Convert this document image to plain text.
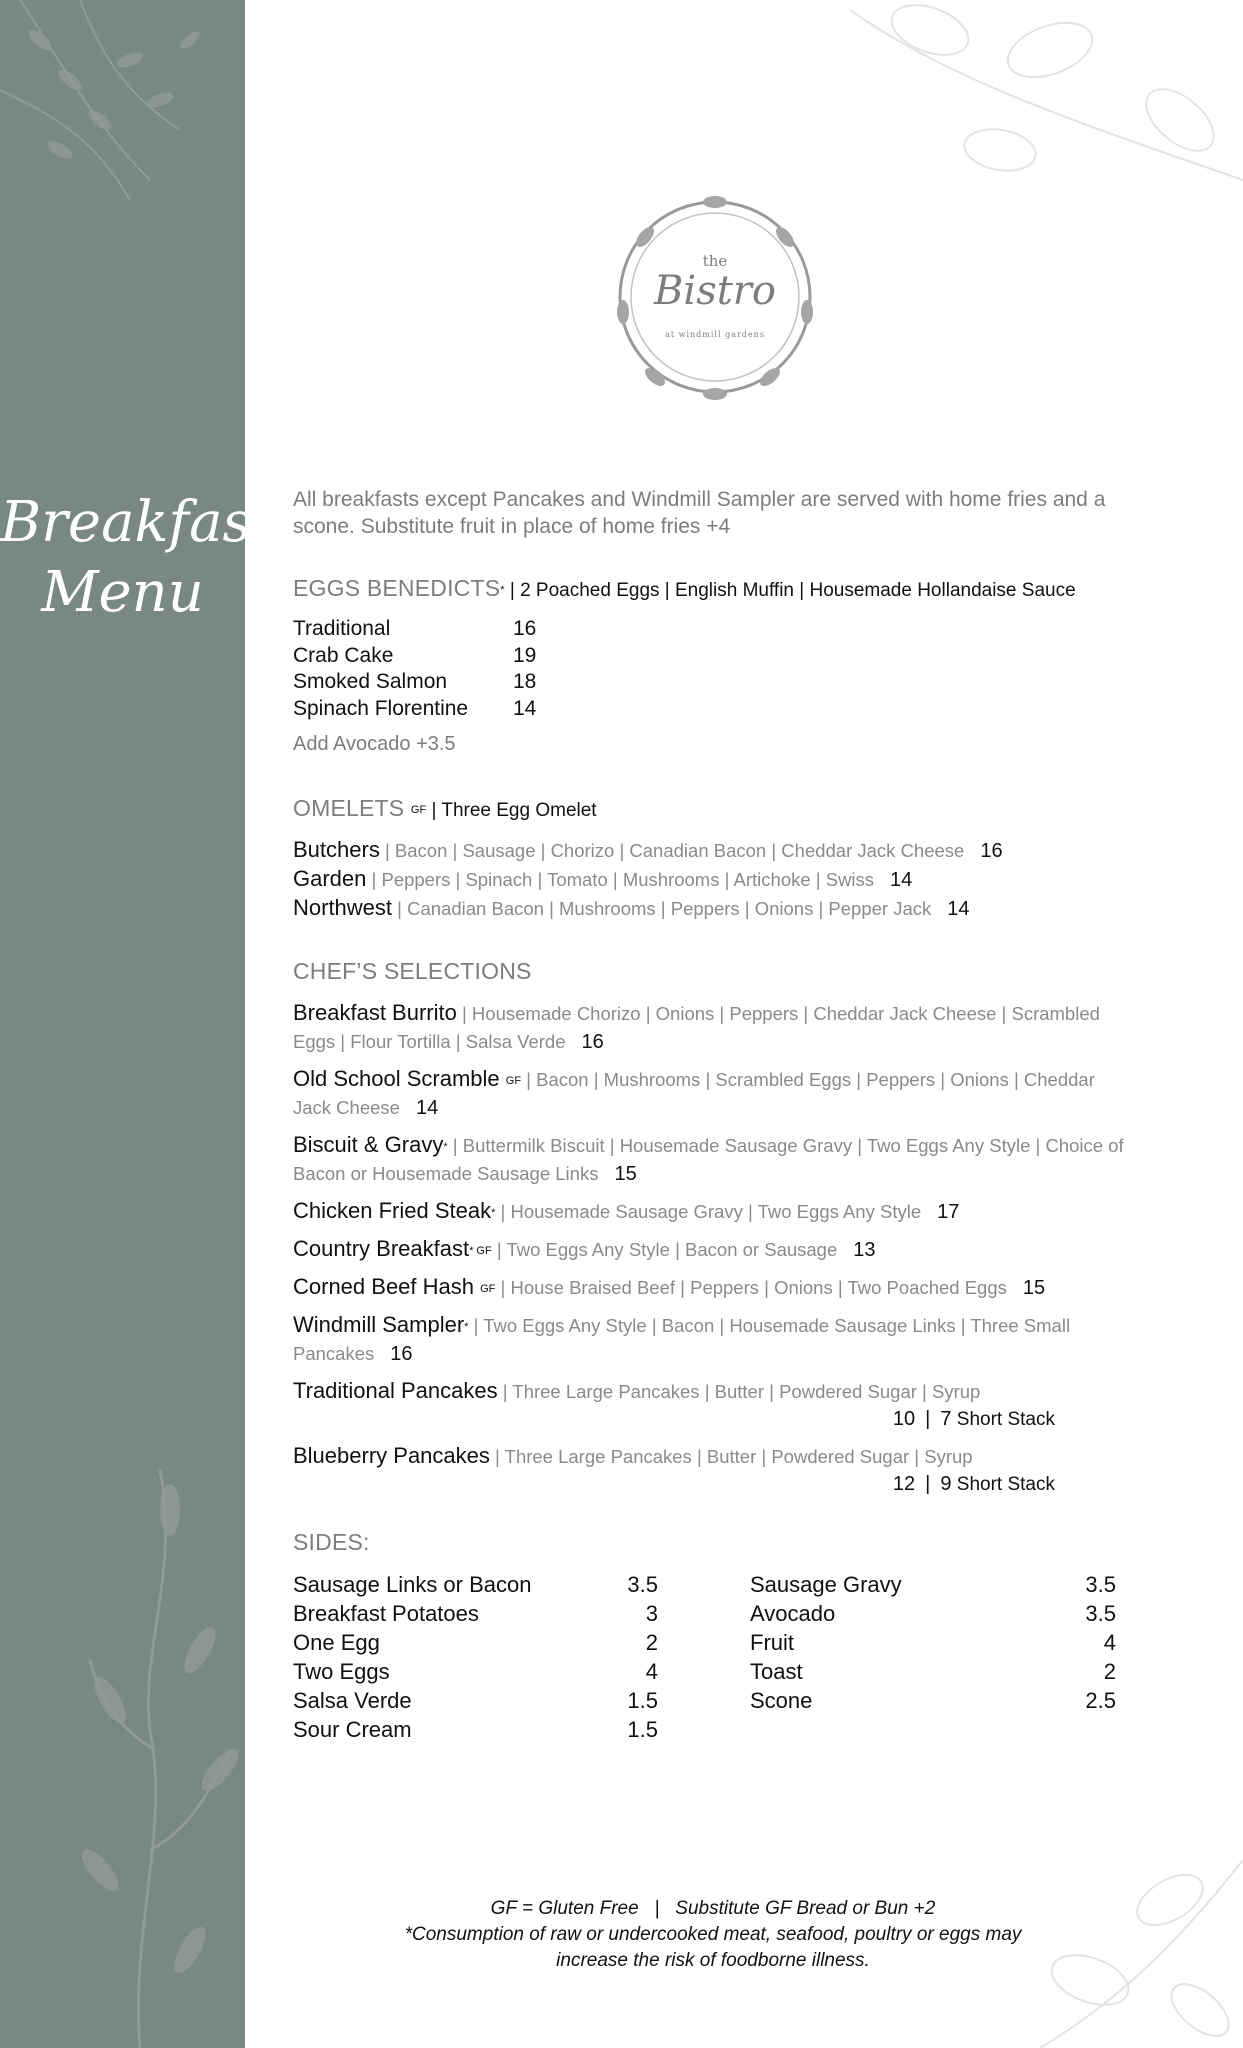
Breakfast
Menu
the
Bistro
at windmill gardens

All breakfasts except Pancakes and Windmill Sampler are served with home fries and a scone. Substitute fruit in place of home fries +4

EGGS BENEDICTS* | 2 Poached Eggs | English Muffin | Housemade Hollandaise Sauce
Traditional	16
Crab Cake	19
Smoked Salmon	18
Spinach Florentine	14
Add Avocado +3.5
OMELETS $^{GF}$ | Three Egg Omelet

Butchers | Bacon | Sausage | Chorizo | Canadian Bacon | Cheddar Jack Cheese 16

Garden | Peppers | Spinach | Tomato | Mushrooms | Artichoke | Swiss 14

Northwest | Canadian Bacon | Mushrooms | Peppers | Onions | Pepper Jack 14

CHEF’S SELECTIONS

Breakfast Burrito | Housemade Chorizo | Onions | Peppers | Cheddar Jack Cheese | Scrambled Eggs | Flour Tortilla | Salsa Verde 16

Old School Scramble $^{GF}$ | Bacon | Mushrooms | Scrambled Eggs | Peppers | Onions | Cheddar Jack Cheese 14

Biscuit & Gravy* | Buttermilk Biscuit | Housemade Sausage Gravy | Two Eggs Any Style | Choice of Bacon or Housemade Sausage Links 15

Chicken Fried Steak* | Housemade Sausage Gravy | Two Eggs Any Style 17

Country Breakfast$^{* GF}$ | Two Eggs Any Style | Bacon or Sausage 13

Corned Beef Hash $^{GF}$ | House Braised Beef | Peppers | Onions | Two Poached Eggs 15

Windmill Sampler* | Two Eggs Any Style | Bacon | Housemade Sausage Links | Three Small Pancakes 16

Traditional Pancakes | Three Large Pancakes | Butter | Powdered Sugar | Syrup
10 | 7 Short Stack
Blueberry Pancakes | Three Large Pancakes | Butter | Powdered Sugar | Syrup
12 | 9 Short Stack
SIDES:
Sausage Links or Bacon	3.5
Breakfast Potatoes	3
One Egg	2
Two Eggs	4
Salsa Verde	1.5
Sour Cream	1.5
Sausage Gravy	3.5
Avocado	3.5
Fruit	4
Toast	2
Scone	2.5
GF = Gluten Free   |   Substitute GF Bread or Bun +2
*Consumption of raw or undercooked meat, seafood, poultry or eggs may
increase the risk of foodborne illness.
